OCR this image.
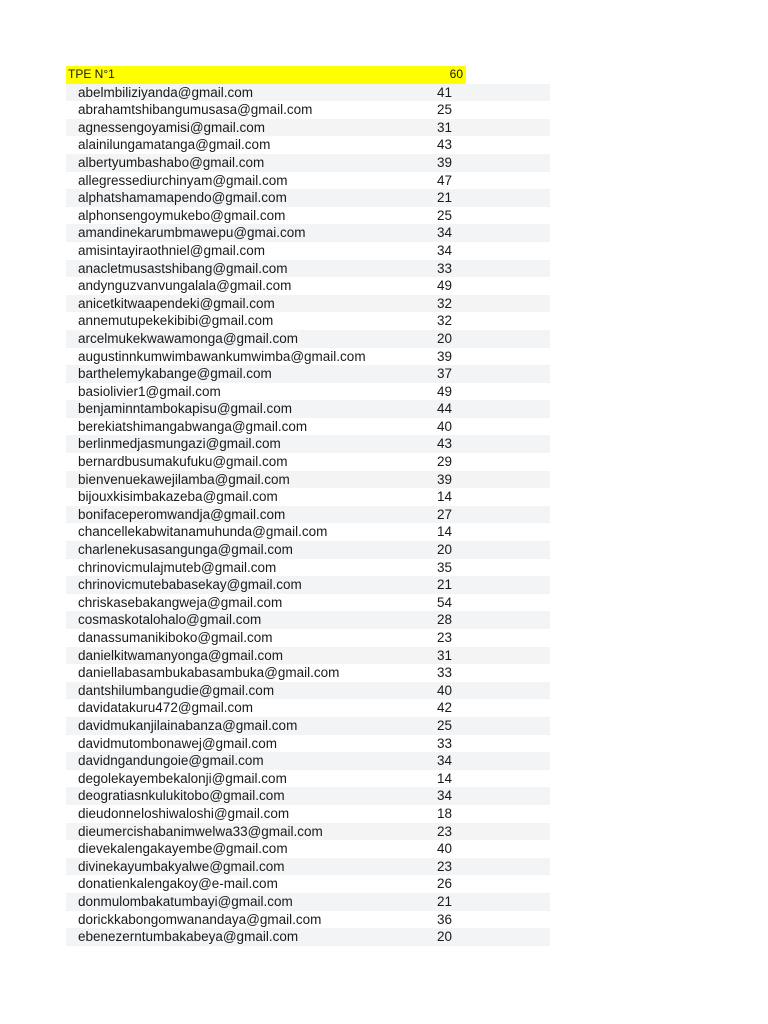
TPE N°1	60
abelmbiliziyanda@gmail.com	41
abrahamtshibangumusasa@gmail.com	25
agnessengoyamisi@gmail.com	31
alainilungamatanga@gmail.com	43
albertyumbashabo@gmail.com	39
allegressediurchinyam@gmail.com	47
alphatshamamapendo@gmail.com	21
alphonsengoymukebo@gmail.com	25
amandinekarumbmawepu@gmai.com	34
amisintayiraothniel@gmail.com	34
anacletmusastshibang@gmail.com	33
andynguzvanvungalala@gmail.com	49
anicetkitwaapendeki@gmail.com	32
annemutupekekibibi@gmail.com	32
arcelmukekwawamonga@gmail.com	20
augustinnkumwimbawankumwimba@gmail.com	39
barthelemykabange@gmail.com	37
basiolivier1@gmail.com	49
benjaminntambokapisu@gmail.com	44
berekiatshimangabwanga@gmail.com	40
berlinmedjasmungazi@gmail.com	43
bernardbusumakufuku@gmail.com	29
bienvenuekawejilamba@gmail.com	39
bijouxkisimbakazeba@gmail.com	14
bonifaceperomwandja@gmail.com	27
chancellekabwitanamuhunda@gmail.com	14
charlenekusasangunga@gmail.com	20
chrinovicmulajmuteb@gmail.com	35
chrinovicmutebabasekay@gmail.com	21
chriskasebakangweja@gmail.com	54
cosmaskotalohalo@gmail.com	28
danassumanikiboko@gmail.com	23
danielkitwamanyonga@gmail.com	31
daniellabasambukabasambuka@gmail.com	33
dantshilumbangudie@gmail.com	40
davidatakuru472@gmail.com	42
davidmukanjilainabanza@gmail.com	25
davidmutombonawej@gmail.com	33
davidngandungoie@gmail.com	34
degolekayembekalonji@gmail.com	14
deogratiasnkulukitobo@gmail.com	34
dieudonneloshiwaloshi@gmail.com	18
dieumercishabanimwelwa33@gmail.com	23
dievekalengakayembe@gmail.com	40
divinekayumbakyalwe@gmail.com	23
donatienkalengakoy@e-mail.com	26
donmulombakatumbayi@gmail.com	21
dorickkabongomwanandaya@gmail.com	36
ebenezerntumbakabeya@gmail.com	20
